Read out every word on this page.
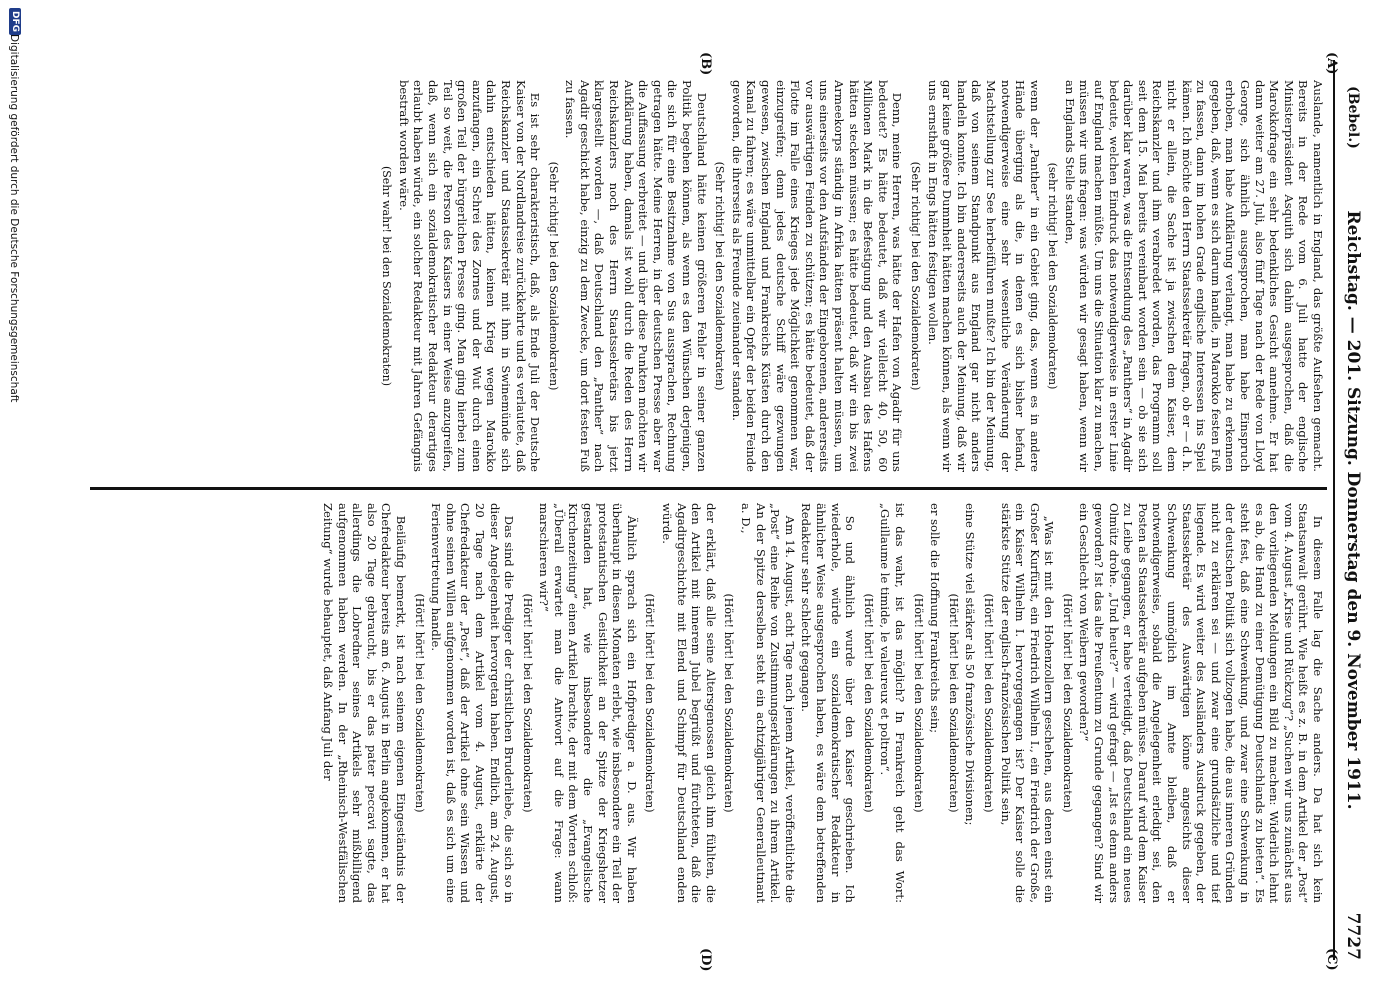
(Bebel.)
Reichstag. — 201. Sitzung. Donnerstag den 9. November 1911.
7727
(A)
(B)
(C)
(D)

Auslande, namentlich in England, das größte Aufsehen gemacht. Bereits in der Rede vom 6. Juli hatte der englische Ministerpräsident Asquith sich dahin ausgesprochen, daß die Marokkofrage ein sehr bedenkliches Gesicht annehme. Er hat dann weiter am 27. Juli, also fünf Tage nach der Rede von Lloyd George, sich ähnlich ausgesprochen, man habe Einspruch erhoben, man habe Aufklärung verlangt, man habe zu erkennen gegeben, daß, wenn es sich darum handle, in Marokko festen Fuß zu fassen, dann im hohen Grade englische Interessen ins Spiel kämen. Ich möchte den Herrn Staatssekretär fragen, ob er — d. h. nicht er allein, die Sache ist ja zwischen dem Kaiser, dem Reichskanzler und ihm verabredet worden, das Programm soll seit dem 15. Mai bereits vereinbart worden sein — ob sie sich darüber klar waren, was die Entsendung des „Panthers“ in Agadir bedeute, welchen Eindruck das notwendigerweise in erster Linie auf England machen müßte. Um uns die Situation klar zu machen, müssen wir uns fragen: was würden wir gesagt haben, wenn wir an Englands Stelle standen,

(sehr richtig! bei den Sozialdemokraten)

wenn der „Panther“ in ein Gebiet ging, das, wenn es in andere Hände überging als die, in denen es sich bisher befand, notwendigerweise eine sehr wesentliche Veränderung der Machtstellung zur See herbeiführen mußte? Ich bin der Meinung, daß von seinem Standpunkt aus England gar nicht anders handeln konnte. Ich bin andererseits auch der Meinung, daß wir gar keine größere Dummheit hätten machen können, als wenn wir uns ernsthaft in Engs hätten festigen wollen.

(Sehr richtig! bei den Sozialdemokraten)

Denn, meine Herren, was hätte der Hafen von Agadir für uns bedeutet? Es hätte bedeutet, daß wir vielleicht 40, 50, 60 Millionen Mark in die Befestigung und den Ausbau des Hafens hätten stecken müssen; es hätte bedeutet, daß wir ein bis zwei Armeekorps ständig in Afrika hätten präsent halten müssen, um uns einerseits vor den Aufständen der Eingeborenen, andererseits vor auswärtigen Feinden zu schützen; es hätte bedeutet, daß der Flotte im Falle eines Krieges jede Möglichkeit genommen war, einzugreifen; denn jedes deutsche Schiff wäre gezwungen gewesen, zwischen England und Frankreichs Küsten durch den Kanal zu fahren; es wäre unmittelbar ein Opfer der beiden Feinde geworden, die ihrerseits als Freunde zueinander standen.

(Sehr richtig! bei den Sozialdemokraten)

Deutschland hätte keinen größeren Fehler in seiner ganzen Politik begehen können, als wenn es den Wünschen derjenigen, die sich für eine Besitznahme von Sus aussprachen, Rechnung getragen hätte. Meine Herren, in der deutschen Presse aber war die Auffassung verbreitet — und über diese Punkten möchten wir Aufklärung haben, damals ist wohl durch die Reden des Herrn Reichskanzlers noch des Herrn Staatssekretärs bis jetzt klargestellt worden —, daß Deutschland den „Panther“ nach Agadir geschickt habe, einzig zu dem Zwecke, um dort festen Fuß zu fassen.

(Sehr richtig! bei den Sozialdemokraten)

Es ist sehr charakteristisch, daß, als Ende Juli der Deutsche Kaiser von der Nordlandreise zurückkehrte und es verlautete, daß Reichskanzler und Staatssekretär mit ihm in Swinemünde sich dahin entschieden hätten, keinen Krieg wegen Marokko anzufangen, ein Schrei des Zornes und der Wut durch einen großen Teil der bürgerlichen Presse ging. Man ging hierbei zum Teil so weit, die Person des Kaisers in einer Weise anzugreifen, daß, wenn sich ein sozialdemokratischer Redakteur derartiges erlaubt haben würde, ein solcher Redakteur mit Jahren Gefängnis bestraft worden wäre.

(Sehr wahr! bei den Sozialdemokraten)

In diesem Falle lag die Sache anders. Da hat sich kein Staatsanwalt gerührt. Wie heißt es z. B. in dem Artikel der „Post“ vom 4. August „Krise und Rückzug“? „Suchen wir uns zunächst aus den vorliegenden Meldungen ein Bild zu machen: Widerlich lehnt es ab, die Hand zu einer Demütigung Deutschlands zu bieten“. Es steht fest, daß eine Schwenkung, und zwar eine Schwenkung in der deutschen Politik sich vollzogen habe, die aus inneren Gründen nicht zu erklären sei — und zwar eine grundsätzliche und tief liegende. Es wird weiter des Ausländers Ausdruck gegeben, der Staatssekretär des Auswärtigen könne angesichts dieser Schwenkung unmöglich im Amte bleiben, daß er notwendigerweise, sobald die Angelegenheit erledigt sei, den Posten als Staatssekretär aufgeben müsse. Darauf wird dem Kaiser zu Leibe gegangen, er habe verteidigt, daß Deutschland ein neues Olmütz drohe. „Und heute?“ — wird gefragt — „Ist es denn anders geworden? Ist das alte Preußentum zu Grunde gegangen? Sind wir ein Geschlecht von Weibern geworden?“

(Hört! hört! bei den Sozialdemokraten)

„Was ist mit den Hohenzollern geschehen, aus denen einst ein Großer Kurfürst, ein Friedrich Wilhelm I., ein Friedrich der Große, ein Kaiser Wilhelm I. hervorgegangen ist? Der Kaiser solle die stärkste Stütze der englisch-französischen Politik sein,

(Hört! hört! bei den Sozialdemokraten)

eine Stütze viel stärker als 50 französische Divisionen;

(Hört! hört! bei den Sozialdemokraten)

er solle die Hoffnung Frankreichs sein;

(Hört! hört! bei den Sozialdemokraten)

ist das wahr, ist das möglich? In Frankreich geht das Wort: „Guillaume le timide, le valeureux et poltron“.

(Hört! hört! bei den Sozialdemokraten)

So und ähnlich wurde über den Kaiser geschrieben. Ich wiederhole, würde ein sozialdemokratischer Redakteur in ähnlicher Weise ausgesprochen haben, es wäre dem betreffenden Redakteur sehr schlecht gegangen.

Am 14. August, acht Tage nach jenem Artikel, veröffentlichte die „Post“ eine Reihe von Zustimmungserklärungen zu ihrem Artikel. An der Spitze derselben steht ein achtzigjähriger Generalleutnant a. D.,

(Hört! hört! bei den Sozialdemokraten)

der erklärt, daß alle seine Altersgenossen gleich ihm fühlten, die den Artikel mit innerem Jubel begrüßt und fürchteten, daß die Agadirgeschichte mit Elend und Schimpf für Deutschland enden würde.

(Hört! hört! bei den Sozialdemokraten)

Ähnlich sprach sich ein Hofprediger a. D. aus. Wir haben überhaupt in diesen Monaten erlebt, wie insbesondere ein Teil der protestantischen Geistlichkeit an der Spitze der Kriegshetzer gestanden hat, wie insbesondere die „Evangelische Kirchenzeitung“ einen Artikel brachte, der mit dem Worten schloß: „Überall erwartet man die Antwort auf die Frage: wann marschieren wir?“

(Hört! hört! bei den Sozialdemokraten)

Das sind die Prediger der christlichen Bruderliebe, die sich so in dieser Angelegenheit hervorgetan haben. Endlich, am 24. August, 20 Tage nach dem Artikel vom 4. August, erklärte der Chefredakteur der „Post“, daß der Artikel ohne sein Wissen und ohne seinen Willen aufgenommen worden ist, daß es sich um eine Ferienvertretung handle.

(Hört! hört! bei den Sozialdemokraten)

Beiläufig bemerkt, ist nach seinem eigenen Eingeständnis der Chefredakteur bereits am 6. August in Berlin angekommen, er hat also 20 Tage gebraucht, bis er das pater peccavi sagte, das allerdings die Lobredner seines Artikels sehr mißbilligend aufgenommen haben werden. In der „Rheinisch-Westfälischen Zeitung“ wurde behauptet, daß Anfang Juli der

DFG
Digitalisierung gefördert durch die Deutsche Forschungsgemeinschaft
